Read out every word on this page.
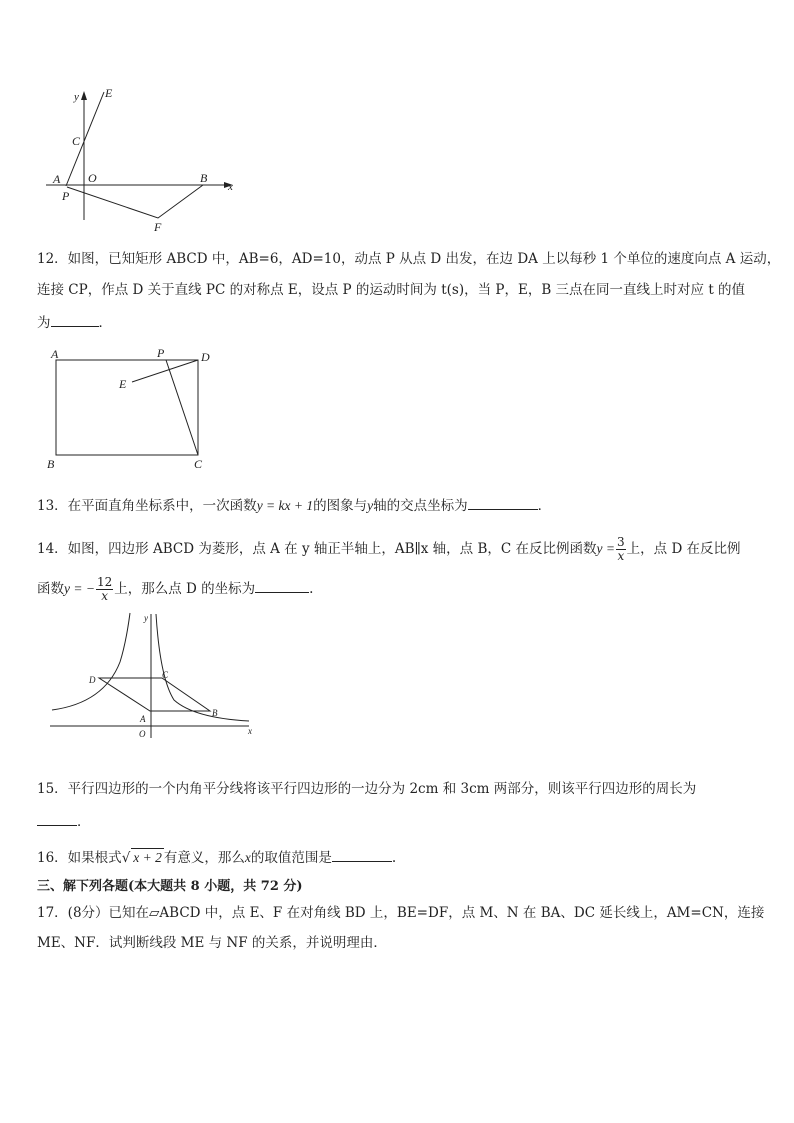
y E
C
A O	B
x
P
F
12．如图，已知矩形 ABCD 中，AB=6，AD=10，动点 P 从点 D 出发，在边 DA 上以每秒 1 个单位的速度向点 A 运动，
连接 CP，作点 D 关于直线 PC 的对称点 E，设点 P 的运动时间为 t(s)，当 P，E，B 三点在同一直线上时对应 t 的值
为	．
A	P	D
E
B	C
13．在平面直角坐标系中，一次函数y = kx + 1的图象与y轴的交点坐标为	．
14．如图，四边形 ABCD 为菱形，点 A 在 y 轴正半轴上，AB∥x 轴，点 B，C 在反比例函数$y = \frac{3}{x}$ 上，点 D 在反比例
函数y = − $\frac{12}{x}$ 上，那么点 D 的坐标为	.
y
D	C
A
B
O	x
15．平行四边形的一个内角平分线将该平行四边形的一边分为 2cm 和 3cm 两部分，则该平行四边形的周长为
．
16．如果根式√ x + 2 有意义，那么x的取值范围是	.
三、解下列各题(本大题共 8 小题，共 72 分)
17．(8分）已知在▱ABCD 中，点 E、F 在对角线 BD 上，BE=DF，点 M、N 在 BA、DC 延长线上，AM=CN，连接
ME、NF．试判断线段 ME 与 NF 的关系，并说明理由．
